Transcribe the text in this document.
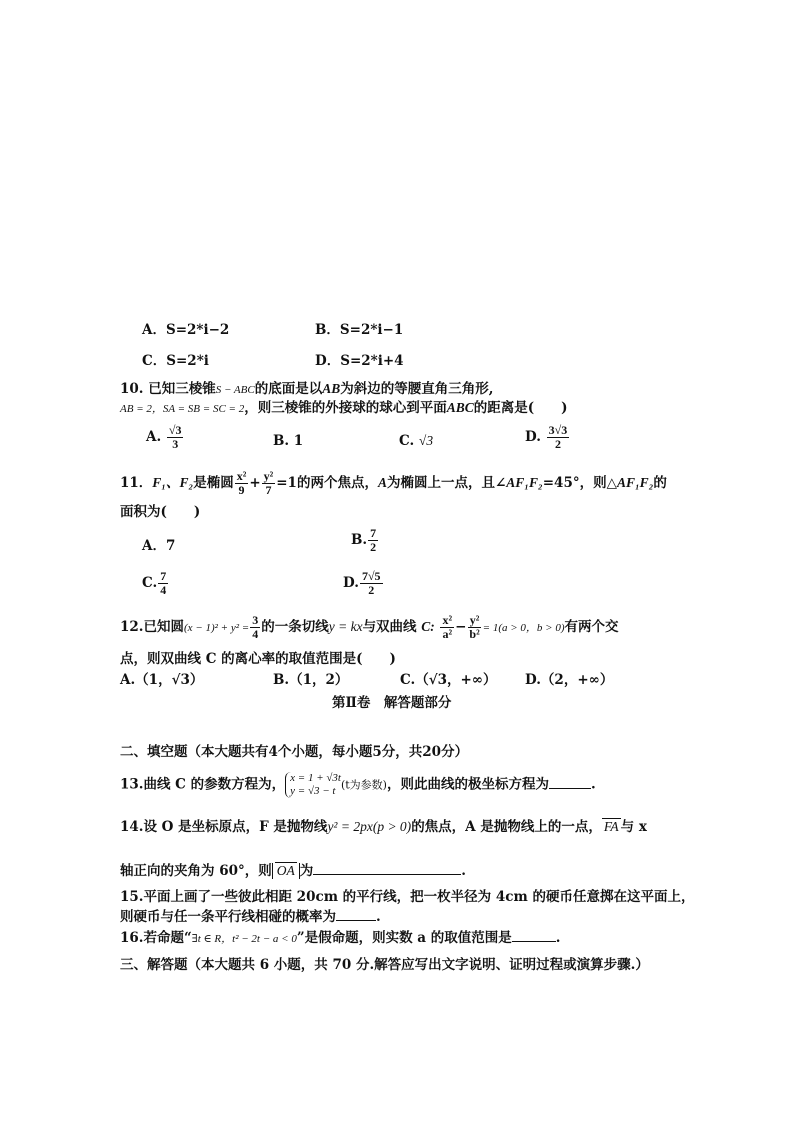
A．S=2*i−2	B．S=2*i−1
C．S=2*i	D．S=2*i+4
10. 已知三棱锥S − ABC的底面是以AB为斜边的等腰直角三角形,
AB = 2，SA = SB = SC = 2，则三棱锥的外接球的球心到平面ABC的距离是(　　)
A. $\frac{√3}{3}$	B. 1	C. √3	D. $\frac{3√3}{2}$
11．F₁、F₂是椭圆 $\frac{\text{x²}}{9} + \frac{\text{y²}}{7} =1$的两个焦点，A为椭圆上一点，且∠AF₁F₂=45°，则△AF₁F₂的
面积为(　　)
A．7	B. $\frac{7}{2}$
C. $\frac{7}{4}$	D. $\frac{7√5}{2}$
12.已知圆$(x - 1)^2 + y^2 = \frac{3}{4}$ 的一条切线y = kx与双曲线 C: $\frac{\text{x²}}{\text{a²}} - \frac{\text{y²}}{\text{b²}} = 1(a > 0$，b > 0)有两个交
点，则双曲线 C 的离心率的取值范围是(　　)
A.（1，√3）	B.（1，2）	C.（√3，+∞） D.（2，+∞）
第Ⅱ卷　解答题部分
二、填空题（本大题共有4个小题，每小题5分，共20分）
13.曲线 C 的参数方程为， x = 1 + √3t
y = √3 − t (t为参数)，则此曲线的极坐标方程为	.
14.设 O 是坐标原点，F 是抛物线y² = 2px(p > 0)的焦点，A 是抛物线上的一点， FA 与 x
轴正向的夹角为 60°，则 OA 为	.
15.平面上画了一些彼此相距 20cm 的平行线，把一枚半径为 4cm 的硬币任意掷在这平面上，
则硬币与任一条平行线相碰的概率为	.
16.若命题“∃t ∈ R，t² − 2t − a < 0”是假命题，则实数 a 的取值范围是	.
三、解答题（本大题共 6 小题，共 70 分.解答应写出文字说明、证明过程或演算步骤.）
